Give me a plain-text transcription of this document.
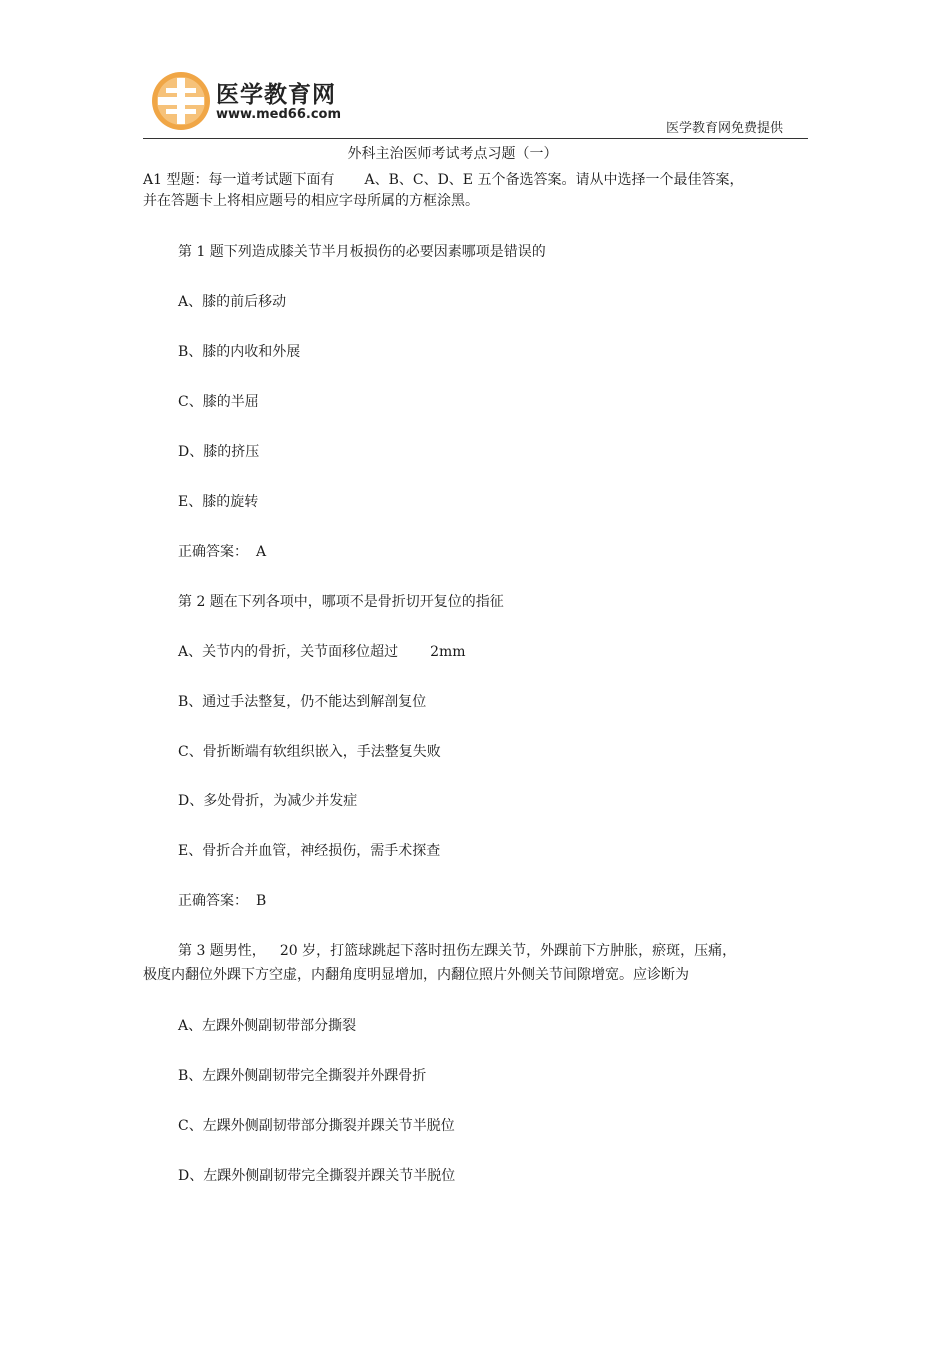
医学教育网
www.med66.com
医学教育网免费提供
外科主治医师考试考点习题（一）
A1 型题：每一道考试题下面有 A、B、C、D、E 五个备选答案。请从中选择一个最佳答案，
并在答题卡上将相应题号的相应字母所属的方框涂黑。
第 1 题下列造成膝关节半月板损伤的必要因素哪项是错误的
A、膝的前后移动
B、膝的内收和外展
C、膝的半屈
D、膝的挤压
E、膝的旋转
正确答案： A
第 2 题在下列各项中，哪项不是骨折切开复位的指征
A、关节内的骨折，关节面移位超过 2mm
B、通过手法整复，仍不能达到解剖复位
C、骨折断端有软组织嵌入，手法整复失败
D、多处骨折，为减少并发症
E、骨折合并血管，神经损伤，需手术探查
正确答案： B
第 3 题男性， 20 岁，打篮球跳起下落时扭伤左踝关节，外踝前下方肿胀，瘀斑，压痛，
极度内翻位外踝下方空虚，内翻角度明显增加，内翻位照片外侧关节间隙增宽。应诊断为
A、左踝外侧副韧带部分撕裂
B、左踝外侧副韧带完全撕裂并外踝骨折
C、左踝外侧副韧带部分撕裂并踝关节半脱位
D、左踝外侧副韧带完全撕裂并踝关节半脱位
